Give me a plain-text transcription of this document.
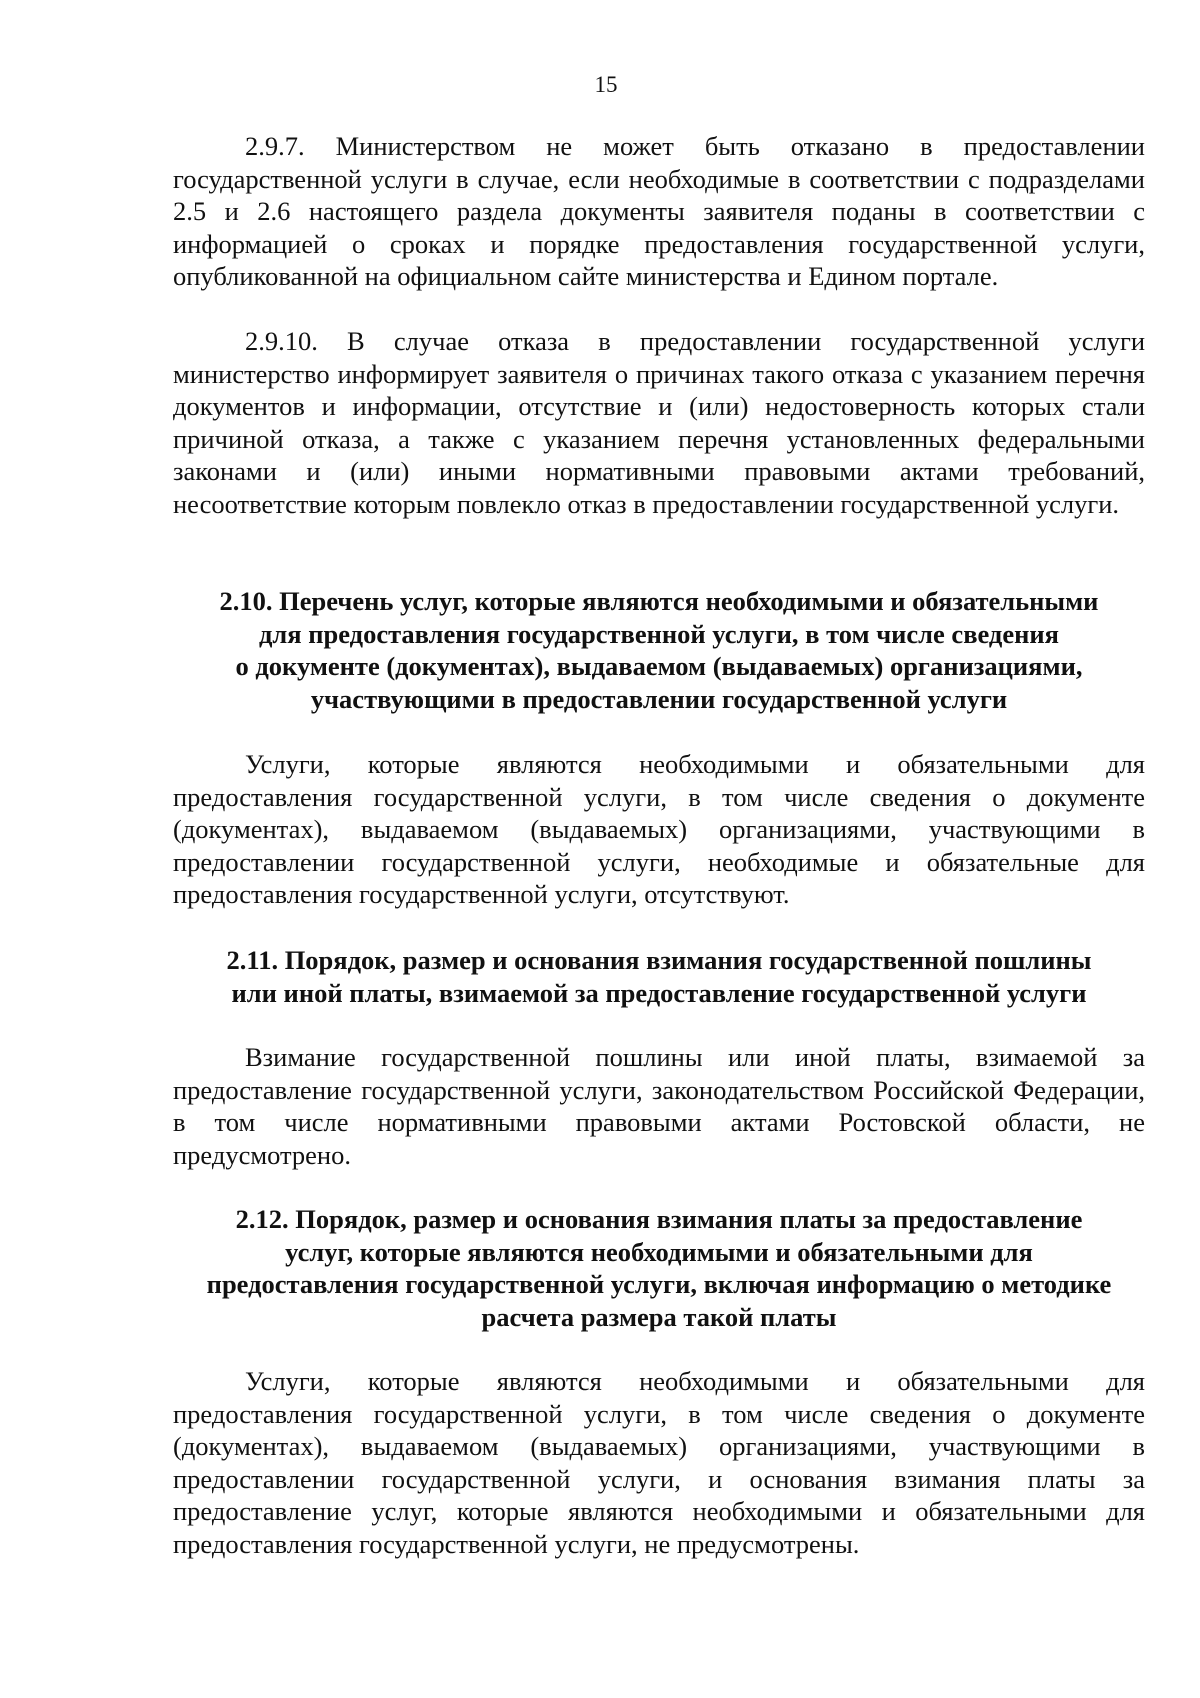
15

2.9.7. Министерством не может быть отказано в предоставлении государственной услуги в случае, если необходимые в соответствии с подразделами 2.5 и 2.6 настоящего раздела документы заявителя поданы в соответствии с информацией о сроках и порядке предоставления государственной услуги, опубликованной на официальном сайте министерства и Едином портале.

2.9.10. В случае отказа в предоставлении государственной услуги министерство информирует заявителя о причинах такого отказа с указанием перечня документов и информации, отсутствие и (или) недостоверность которых стали причиной отказа, а также с указанием перечня установленных федеральными законами и (или) иными нормативными правовыми актами требований, несоответствие которым повлекло отказ в предоставлении государственной услуги.

2.10. Перечень услуг, которые являются необходимыми и обязательными
для предоставления государственной услуги, в том числе сведения
о документе (документах), выдаваемом (выдаваемых) организациями,
участвующими в предоставлении государственной услуги

Услуги, которые являются необходимыми и обязательными для предоставления государственной услуги, в том числе сведения о документе (документах), выдаваемом (выдаваемых) организациями, участвующими в предоставлении государственной услуги, необходимые и обязательные для предоставления государственной услуги, отсутствуют.

2.11. Порядок, размер и основания взимания государственной пошлины
или иной платы, взимаемой за предоставление государственной услуги

Взимание государственной пошлины или иной платы, взимаемой за предоставление государственной услуги, законодательством Российской Федерации, в том числе нормативными правовыми актами Ростовской области, не предусмотрено.

2.12. Порядок, размер и основания взимания платы за предоставление
услуг, которые являются необходимыми и обязательными для
предоставления государственной услуги, включая информацию о методике
расчета размера такой платы

Услуги, которые являются необходимыми и обязательными для предоставления государственной услуги, в том числе сведения о документе (документах), выдаваемом (выдаваемых) организациями, участвующими в предоставлении государственной услуги, и основания взимания платы за предоставление услуг, которые являются необходимыми и обязательными для предоставления государственной услуги, не предусмотрены.
